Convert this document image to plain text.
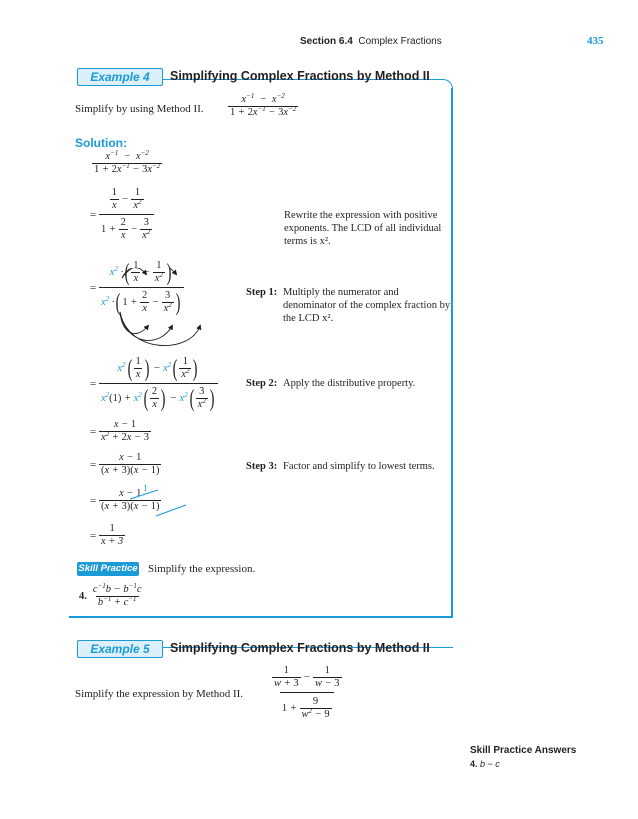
Section 6.4 Complex Fractions	435
Example 4	Simplifying Complex Fractions by Method II
Simplify by using Method II. $\frac{x^{-1} - x^{-2}}{1 + 2x^{-1} - 3x^{-2}}$
Solution:
$\frac{x^{-1} - x^{-2}}{1 + 2x^{-1} - 3x^{-2}}$
= $\frac{\frac{1}{x} - \frac{1}{x^2}}{1 + \frac{2}{x} - \frac{3}{x^2}}$	Rewrite the expression with positive exponents. The LCD of all individual terms is x².
= $\frac{x^2 \cdot( \frac{1}{x} - \frac{1}{x^2} )}{x^2 \cdot( 1 + \frac{2}{x} - \frac{3}{x^2} )}$	Step 1: Multiply the numerator and denominator of the complex fraction by the LCD x².
= $\frac{x^2( \frac{1}{x} ) - x^2( \frac{1}{x^2} )}{x^2(1) + x^2( \frac{2}{x} ) - x^2( \frac{3}{x^2} )}$	Step 2: Apply the distributive property.
= $\frac{x - 1}{x^2 + 2x - 3}$
= $\frac{x - 1}{(x + 3)(x - 1)}$	Step 3: Factor and simplify to lowest terms.
= 1
x − 1
(x + 3)(x − 1)
= $\frac{1}{x + 3}$
Skill Practice Simplify the expression.
4.
$\frac{c^{-1}b - b^{-1}c}{b^{-1} + c^{-1}}$
Example 5	Simplifying Complex Fractions by Method II
Simplify the expression by Method II.	$\frac{\frac{1}{w + 3} - \frac{1}{w - 3}}{1 + \frac{9}{w^2 - 9}}$
Skill Practice Answers
4. b − c
